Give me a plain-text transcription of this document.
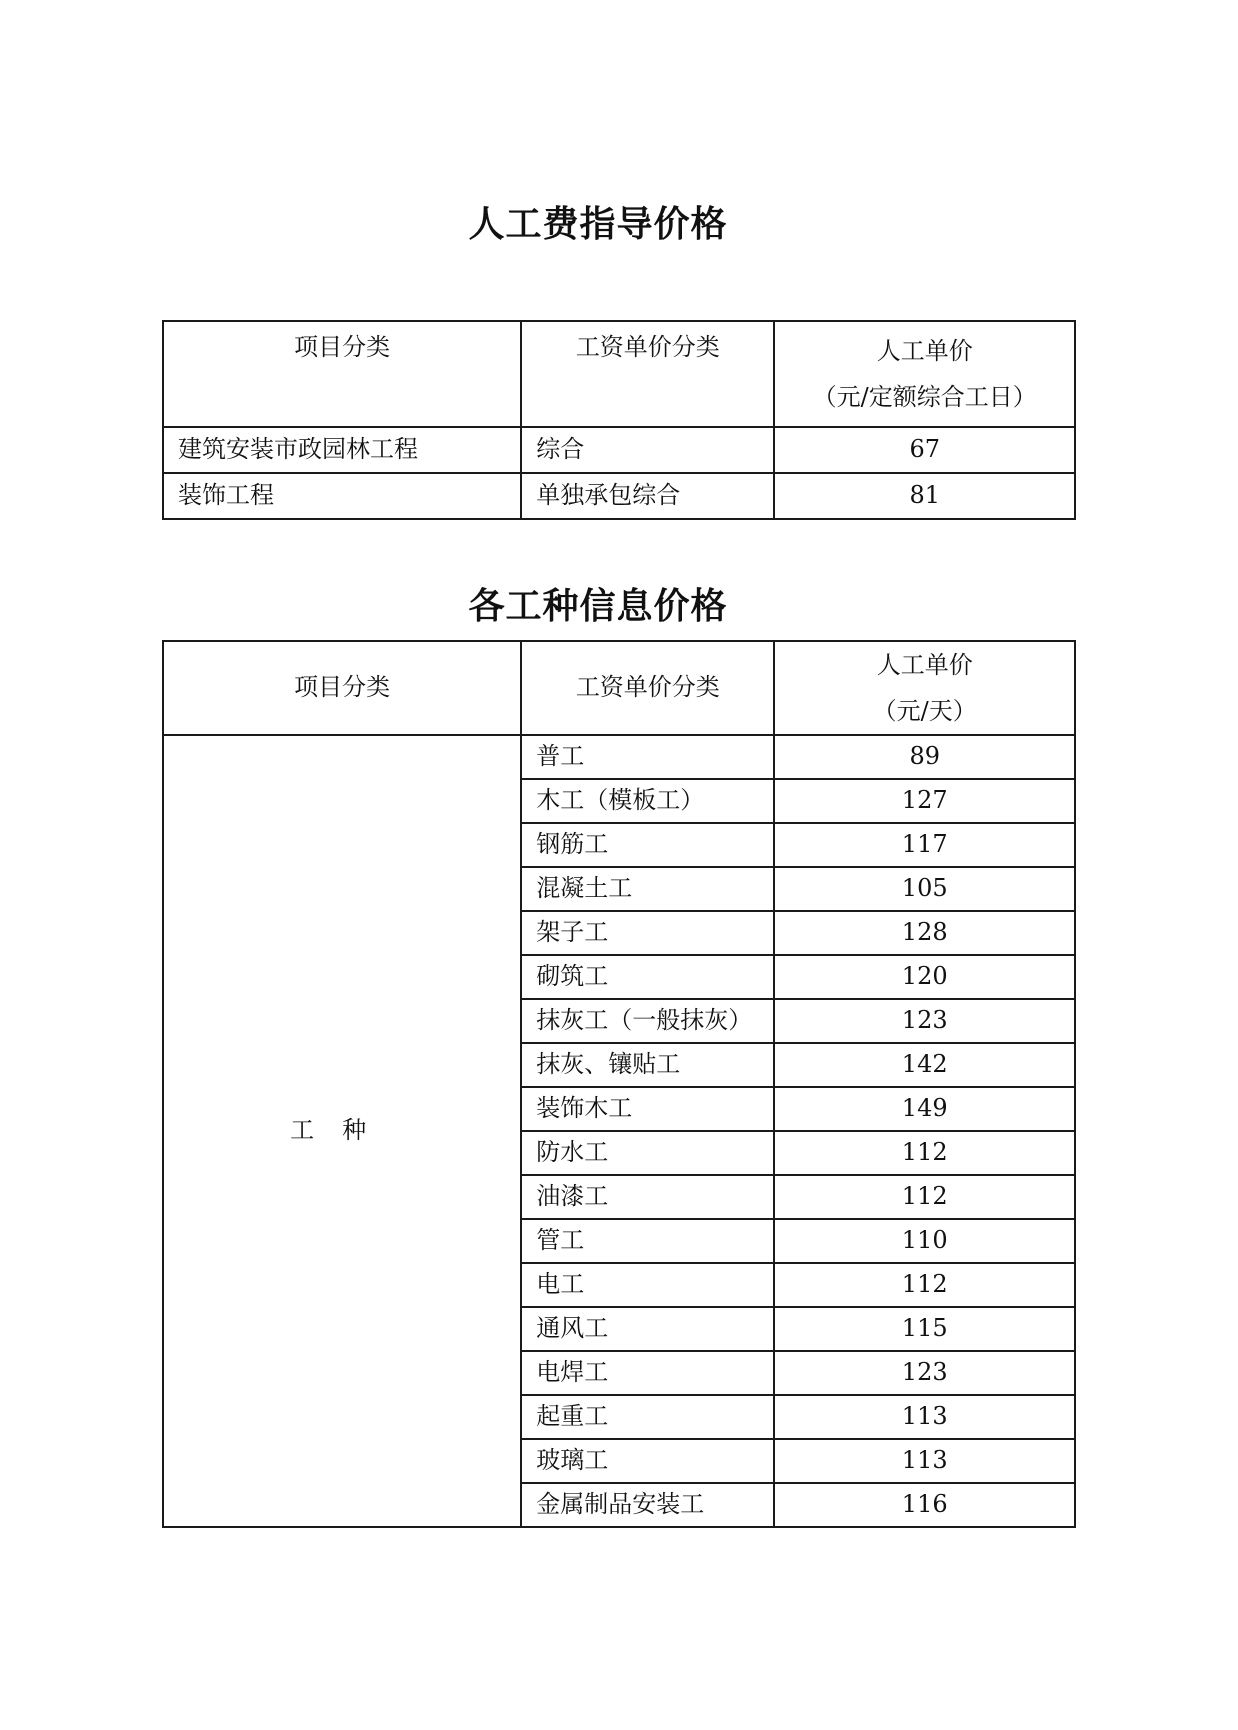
人工费指导价格
项目分类	工资单价分类	人工单价
（元/定额综合工日）

建筑安装市政园林工程	综合	67
装饰工程	单独承包综合	81
各工种信息价格
项目分类	工资单价分类	人工单价
（元/天）

工种	普工	89
	木工（模板工）	127
	钢筋工	117
	混凝土工	105
	架子工	128
	砌筑工	120
	抹灰工（一般抹灰）	123
	抹灰、镶贴工	142
	装饰木工	149
	防水工	112
	油漆工	112
	管工	110
	电工	112
	通风工	115
	电焊工	123
	起重工	113
	玻璃工	113
	金属制品安装工	116
